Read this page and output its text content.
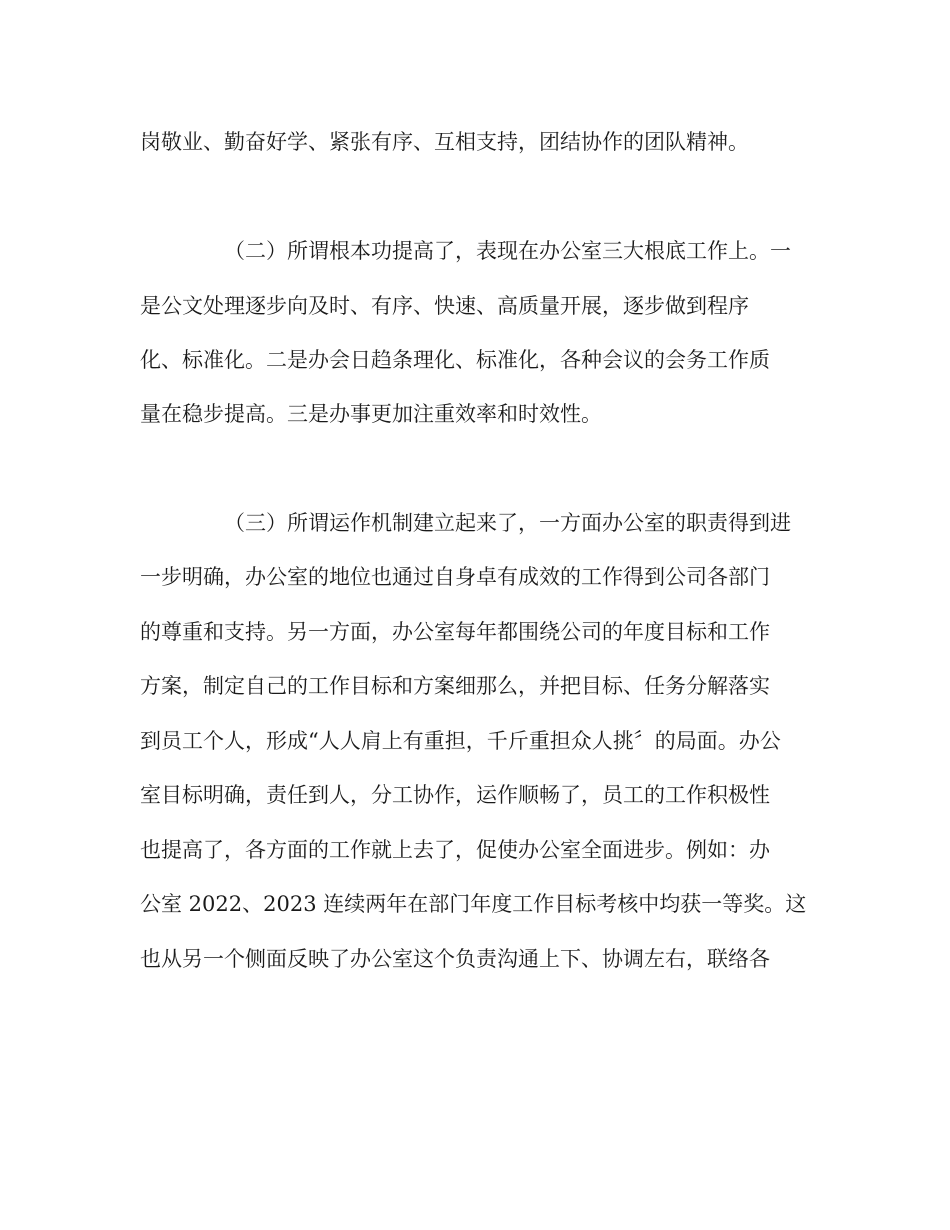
岗敬业、勤奋好学、紧张有序、互相支持，团结协作的团队精神。

（二）所谓根本功提高了，表现在办公室三大根底工作上。一

是公文处理逐步向及时、有序、快速、高质量开展，逐步做到程序

化、标准化。二是办会日趋条理化、标准化，各种会议的会务工作质

量在稳步提高。三是办事更加注重效率和时效性。

（三）所谓运作机制建立起来了，一方面办公室的职责得到进

一步明确，办公室的地位也通过自身卓有成效的工作得到公司各部门

的尊重和支持。另一方面，办公室每年都围绕公司的年度目标和工作

方案，制定自己的工作目标和方案细那么，并把目标、任务分解落实

到员工个人，形成“人人肩上有重担，千斤重担众人挑〞的局面。办公

室目标明确，责任到人，分工协作，运作顺畅了，员工的工作积极性

也提高了，各方面的工作就上去了，促使办公室全面进步。例如：办

公室 2022、2023 连续两年在部门年度工作目标考核中均获一等奖。这

也从另一个侧面反映了办公室这个负责沟通上下、协调左右，联络各
